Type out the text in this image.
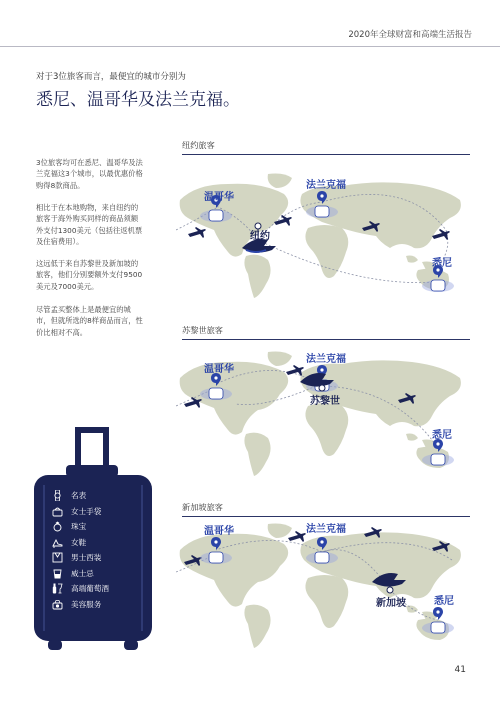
2020年全球财富和高端生活报告
对于3位旅客而言，最便宜的城市分别为
悉尼、温哥华及法兰克福。
3位旅客均可在悉尼、温哥华及法
兰克福这3个城市，以最优惠价格
购得8款商品。
相比于在本地购物，来自纽约的
旅客于海外购买同样的商品须额
外支付1300美元（包括往返机票
及住宿费用）。
这远低于来自苏黎世及新加坡的
旅客，他们分别要额外支付9500
美元及7000美元。
尽管孟买整体上是最便宜的城
市，但就所选的8样商品而言，性
价比相对不高。
名表
女士手袋
珠宝
女鞋
男士西装
威士忌
高端葡萄酒
美容服务
纽约旅客
温哥华
法兰克福
悉尼
纽约
苏黎世旅客
温哥华
法兰克福
悉尼
苏黎世
新加坡旅客
温哥华	法兰克福
悉尼
新加坡
41
